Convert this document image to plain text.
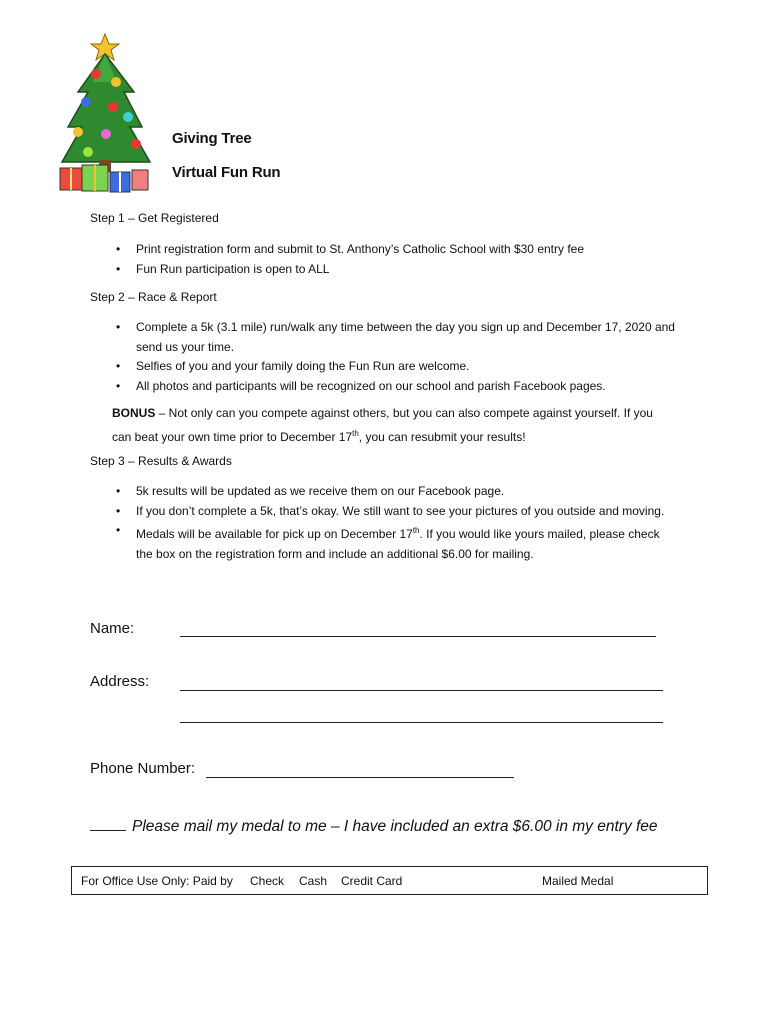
Giving Tree
Virtual Fun Run
Step 1 – Get Registered
• Print registration form and submit to St. Anthony’s Catholic School with $30 entry fee
• Fun Run participation is open to ALL
Step 2 – Race & Report
• Complete a 5k (3.1 mile) run/walk any time between the day you sign up and December 17, 2020 and send us your time.
• Selfies of you and your family doing the Fun Run are welcome.
• All photos and participants will be recognized on our school and parish Facebook pages.
BONUS – Not only can you compete against others, but you can also compete against yourself. If you can beat your own time prior to December 17th, you can resubmit your results!
Step 3 – Results & Awards
• 5k results will be updated as we receive them on our Facebook page.
• If you don’t complete a 5k, that’s okay. We still want to see your pictures of you outside and moving.
• Medals will be available for pick up on December 17th. If you would like yours mailed, please check the box on the registration form and include an additional $6.00 for mailing.
Name:
Address:
Phone Number:
Please mail my medal to me – I have included an extra $6.00 in my entry fee
For Office Use Only: Paid by Check Cash Credit Card	Mailed Medal
